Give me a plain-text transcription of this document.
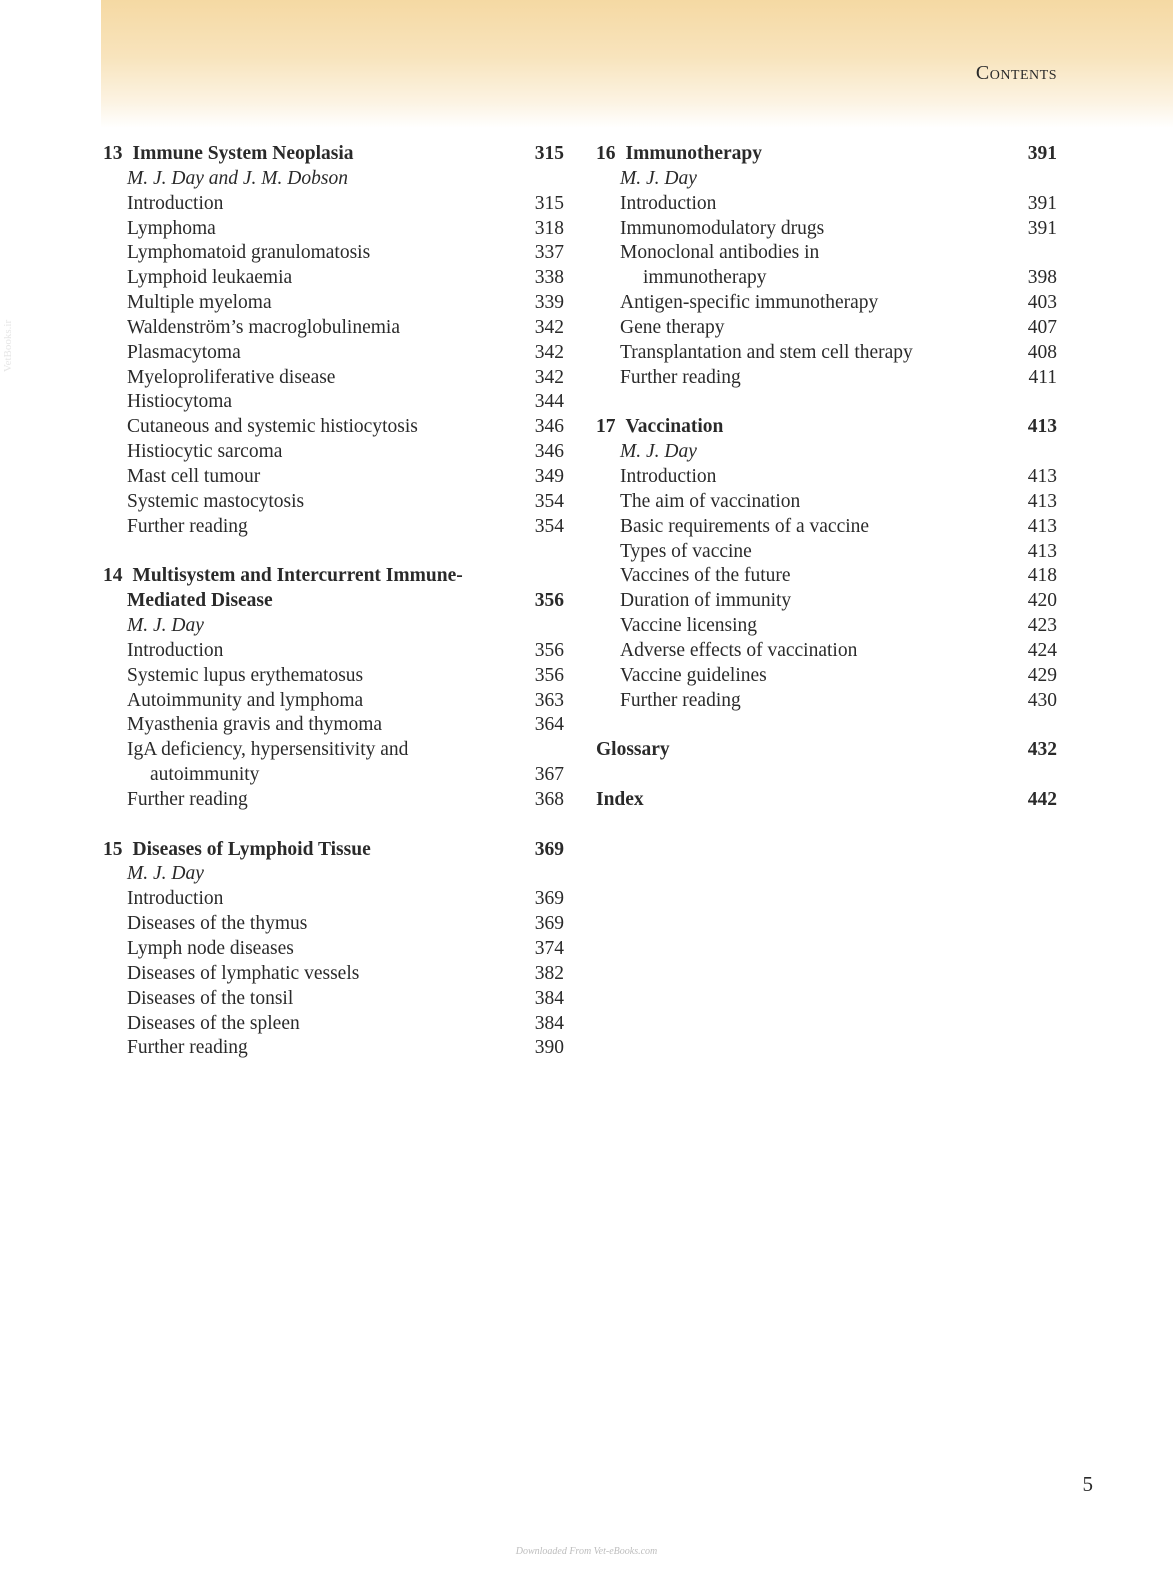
Contents
VetBooks.ir
13 Immune System Neoplasia	315
M. J. Day and J. M. Dobson
Introduction	315
Lymphoma	318
Lymphomatoid granulomatosis	337
Lymphoid leukaemia	338
Multiple myeloma	339
Waldenström’s macroglobulinemia	342
Plasmacytoma	342
Myeloproliferative disease	342
Histiocytoma	344
Cutaneous and systemic histiocytosis	346
Histiocytic sarcoma	346
Mast cell tumour	349
Systemic mastocytosis	354
Further reading	354
14 Multisystem and Intercurrent Immune-
Mediated Disease	356
M. J. Day
Introduction	356
Systemic lupus erythematosus	356
Autoimmunity and lymphoma	363
Myasthenia gravis and thymoma	364
IgA deficiency, hypersensitivity and
autoimmunity	367
Further reading	368
15 Diseases of Lymphoid Tissue	369
M. J. Day
Introduction	369
Diseases of the thymus	369
Lymph node diseases	374
Diseases of lymphatic vessels	382
Diseases of the tonsil	384
Diseases of the spleen	384
Further reading	390
16 Immunotherapy	391
M. J. Day
Introduction	391
Immunomodulatory drugs	391
Monoclonal antibodies in
immunotherapy	398
Antigen-specific immunotherapy	403
Gene therapy	407
Transplantation and stem cell therapy	408
Further reading	411
17 Vaccination	413
M. J. Day
Introduction	413
The aim of vaccination	413
Basic requirements of a vaccine	413
Types of vaccine	413
Vaccines of the future	418
Duration of immunity	420
Vaccine licensing	423
Adverse effects of vaccination	424
Vaccine guidelines	429
Further reading	430
Glossary	432
Index	442
5
Downloaded From Vet-eBooks.com
